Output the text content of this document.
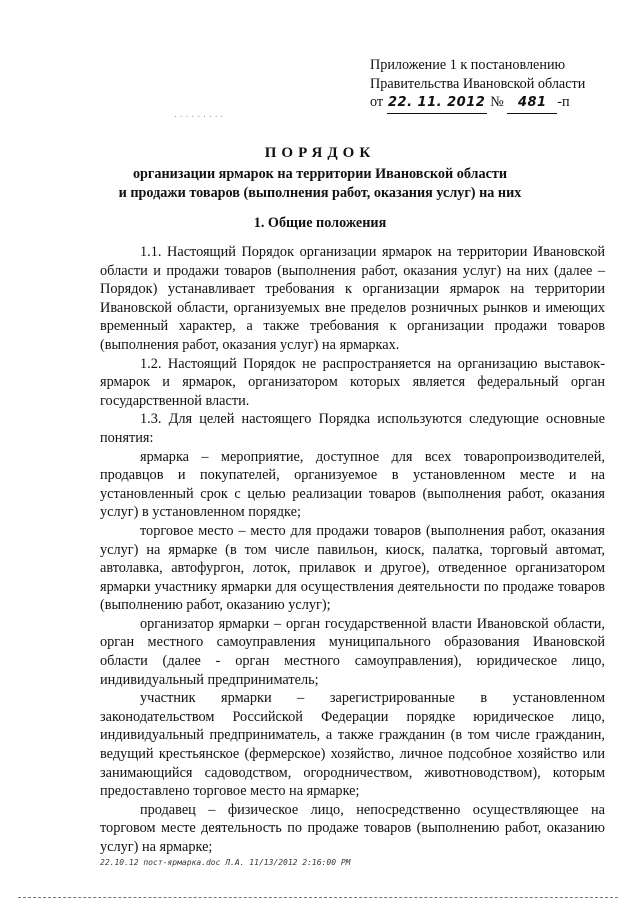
Приложение 1 к постановлению
Правительства Ивановской области
от 22. 11. 2012 № 481 -п
·········
ПОРЯДОК
организации ярмарок на территории Ивановской области
и продажи товаров (выполнения работ, оказания услуг) на них
1. Общие положения

1.1. Настоящий Порядок организации ярмарок на территории Ивановской области и продажи товаров (выполнения работ, оказания услуг) на них (далее – Порядок) устанавливает требования к организации ярмарок на территории Ивановской области, организуемых вне пределов розничных рынков и имеющих временный характер, а также требования к организации продажи товаров (выполнения работ, оказания услуг) на ярмарках.

1.2. Настоящий Порядок не распространяется на организацию выставок-ярмарок и ярмарок, организатором которых является федеральный орган государственной власти.

1.3. Для целей настоящего Порядка используются следующие основные понятия:

ярмарка – мероприятие, доступное для всех товаропроизводителей, продавцов и покупателей, организуемое в установленном месте и на установленный срок с целью реализации товаров (выполнения работ, оказания услуг) в установленном порядке;

торговое место – место для продажи товаров (выполнения работ, оказания услуг) на ярмарке (в том числе павильон, киоск, палатка, торговый автомат, автолавка, автофургон, лоток, прилавок и другое), отведенное организатором ярмарки участнику ярмарки для осуществления деятельности по продаже товаров (выполнению работ, оказанию услуг);

организатор ярмарки – орган государственной власти Ивановской области, орган местного самоуправления муниципального образования Ивановской области (далее - орган местного самоуправления), юридическое лицо, индивидуальный предприниматель;

участник ярмарки – зарегистрированные в установленном законодательством Российской Федерации порядке юридическое лицо, индивидуальный предприниматель, а также гражданин (в том числе гражданин, ведущий крестьянское (фермерское) хозяйство, личное подсобное хозяйство или занимающийся садоводством, огородничеством, животноводством), которым предоставлено торговое место на ярмарке;

продавец – физическое лицо, непосредственно осуществляющее на торговом месте деятельность по продаже товаров (выполнению работ, оказанию услуг) на ярмарке;

22.10.12 пост-ярмарка.doc Л.А. 11/13/2012 2:16:00 PM
